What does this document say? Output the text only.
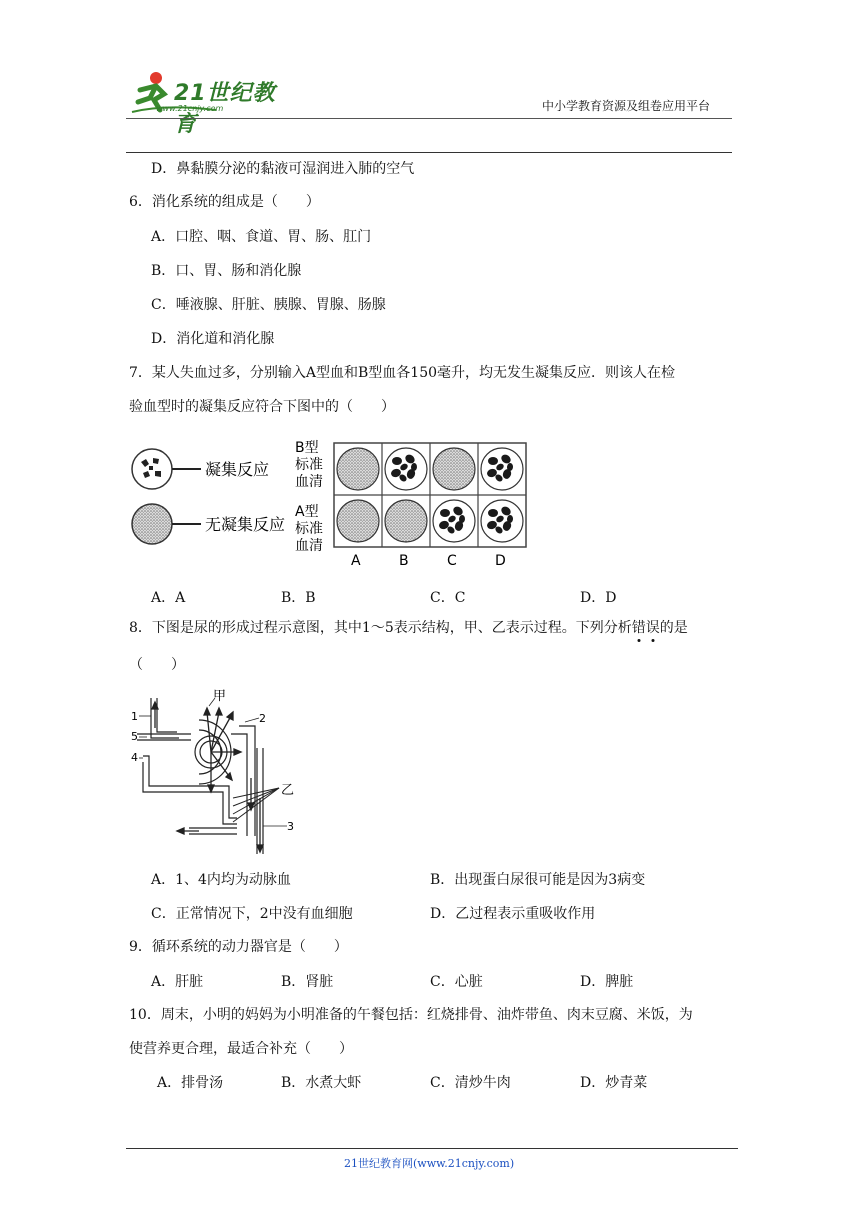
21世纪教育
www.21cnjy.com	中小学教育资源及组卷应用平台
D．鼻黏膜分泌的黏液可湿润进入肺的空气
6．消化系统的组成是（　　）
A．口腔、咽、食道、胃、肠、肛门
B．口、胃、肠和消化腺
C．唾液腺、肝脏、胰腺、胃腺、肠腺
D．消化道和消化腺
7．某人失血过多，分别输入A型血和B型血各150毫升，均无发生凝集反应．则该人在检
验血型时的凝集反应符合下图中的（　　）
凝集反应
无凝集反应
B型
标准
血清
A型
标准
血清
A	B	C	D
A．A	B．B	C．C	D．D
8．下图是尿的形成过程示意图，其中1～5表示结构，甲、乙表示过程。下列分析错误
的是
（　　）
1	2
3
4
5
甲
乙
A．1、4内均为动脉血	B．出现蛋白尿很可能是因为3病变
C．正常情况下，2中没有血细胞	D．乙过程表示重吸收作用
9．循环系统的动力器官是（　　）
A．肝脏	B．肾脏	C．心脏	D．脾脏
10．周末，小明的妈妈为小明准备的午餐包括：红烧排骨、油炸带鱼、肉末豆腐、米饭，为
使营养更合理，最适合补充（　　）
A．排骨汤	B．水煮大虾	C．清炒牛肉	D．炒青菜
21世纪教育网(www.21cnjy.com)
